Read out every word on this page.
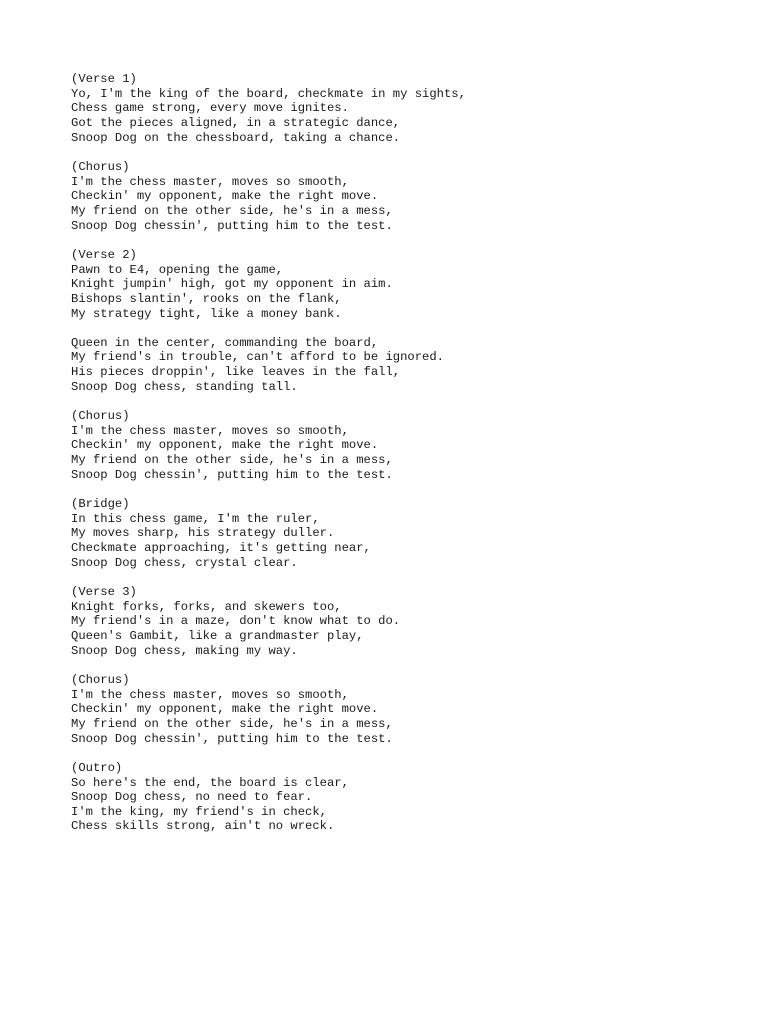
(Verse 1)
Yo, I'm the king of the board, checkmate in my sights,
Chess game strong, every move ignites.
Got the pieces aligned, in a strategic dance,
Snoop Dog on the chessboard, taking a chance.
(Chorus)
I'm the chess master, moves so smooth,
Checkin' my opponent, make the right move.
My friend on the other side, he's in a mess,
Snoop Dog chessin', putting him to the test.
(Verse 2)
Pawn to E4, opening the game,
Knight jumpin' high, got my opponent in aim.
Bishops slantin', rooks on the flank,
My strategy tight, like a money bank.
Queen in the center, commanding the board,
My friend's in trouble, can't afford to be ignored.
His pieces droppin', like leaves in the fall,
Snoop Dog chess, standing tall.
(Chorus)
I'm the chess master, moves so smooth,
Checkin' my opponent, make the right move.
My friend on the other side, he's in a mess,
Snoop Dog chessin', putting him to the test.
(Bridge)
In this chess game, I'm the ruler,
My moves sharp, his strategy duller.
Checkmate approaching, it's getting near,
Snoop Dog chess, crystal clear.
(Verse 3)
Knight forks, forks, and skewers too,
My friend's in a maze, don't know what to do.
Queen's Gambit, like a grandmaster play,
Snoop Dog chess, making my way.
(Chorus)
I'm the chess master, moves so smooth,
Checkin' my opponent, make the right move.
My friend on the other side, he's in a mess,
Snoop Dog chessin', putting him to the test.
(Outro)
So here's the end, the board is clear,
Snoop Dog chess, no need to fear.
I'm the king, my friend's in check,
Chess skills strong, ain't no wreck.
